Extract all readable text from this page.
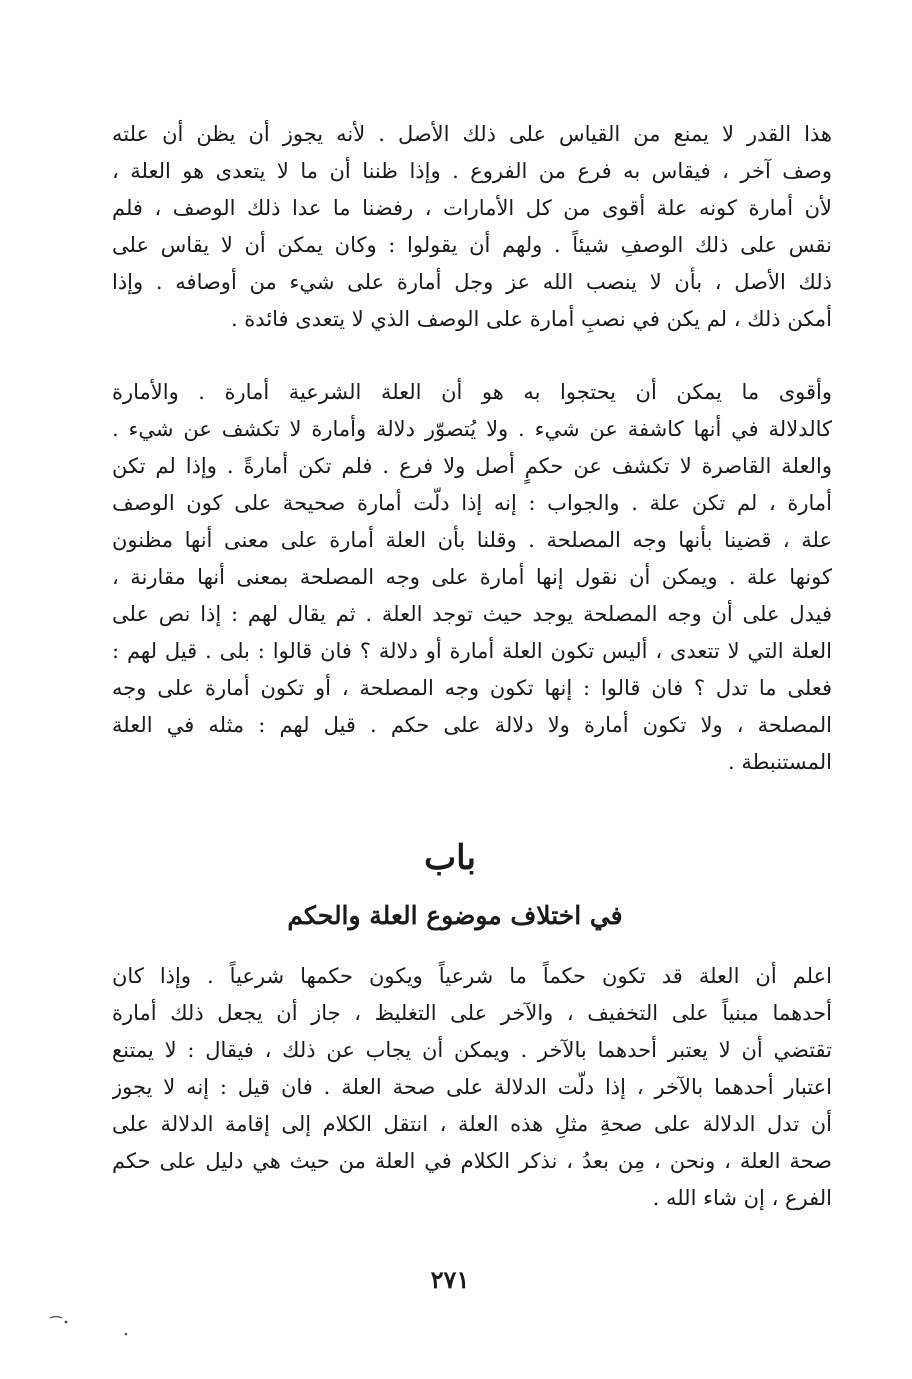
هذا القدر لا يمنع من القياس على ذلك الأصل . لأنه يجوز أن يظن أن علته
وصف آخر ، فيقاس به فرع من الفروع . وإذا ظننا أن ما لا يتعدى هو العلة ،
لأن أمارة كونه علة أقوى من كل الأمارات ، رفضنا ما عدا ذلك الوصف ، فلم
نقس على ذلك الوصفِ شيئاً . ولهم أن يقولوا : وكان يمكن أن لا يقاس على
ذلك الأصل ، بأن لا ينصب الله عز وجل أمارة على شيء من أوصافه . وإذا
أمكن ذلك ، لم يكن في نصبِ أمارة على الوصف الذي لا يتعدى فائدة .
وأقوى ما يمكن أن يحتجوا به هو أن العلة الشرعية أمارة . والأمارة
كالدلالة في أنها كاشفة عن شيء . ولا يُتصوّر دلالة وأمارة لا تكشف عن شيء .
والعلة القاصرة لا تكشف عن حكمٍ أصل ولا فرع . فلم تكن أمارةً . وإذا لم تكن
أمارة ، لم تكن علة . والجواب : إنه إذا دلّت أمارة صحيحة على كون الوصف
علة ، قضينا بأنها وجه المصلحة . وقلنا بأن العلة أمارة على معنى أنها مظنون
كونها علة . ويمكن أن نقول إنها أمارة على وجه المصلحة بمعنى أنها مقارنة ،
فيدل على أن وجه المصلحة يوجد حيث توجد العلة . ثم يقال لهم : إذا نص على
العلة التي لا تتعدى ، أليس تكون العلة أمارة أو دلالة ؟ فان قالوا : بلى . قيل لهم :
فعلى ما تدل ؟ فان قالوا : إنها تكون وجه المصلحة ، أو تكون أمارة على وجه
المصلحة ، ولا تكون أمارة ولا دلالة على حكم . قيل لهم : مثله في العلة
المستنبطة .
باب
في اختلاف موضوع العلة والحكم
اعلم أن العلة قد تكون حكماً ما شرعياً ويكون حكمها شرعياً . وإذا كان
أحدهما مبنياً على التخفيف ، والآخر على التغليظ ، جاز أن يجعل ذلك أمارة
تقتضي أن لا يعتبر أحدهما بالآخر . ويمكن أن يجاب عن ذلك ، فيقال : لا يمتنع
اعتبار أحدهما بالآخر ، إذا دلّت الدلالة على صحة العلة . فان قيل : إنه لا يجوز
أن تدل الدلالة على صحةِ مثلِ هذه العلة ، انتقل الكلام إلى إقامة الدلالة على
صحة العلة ، ونحن ، مِن بعدُ ، نذكر الكلام في العلة من حيث هي دليل على حكم
الفرع ، إن شاء الله .
٢٧١
